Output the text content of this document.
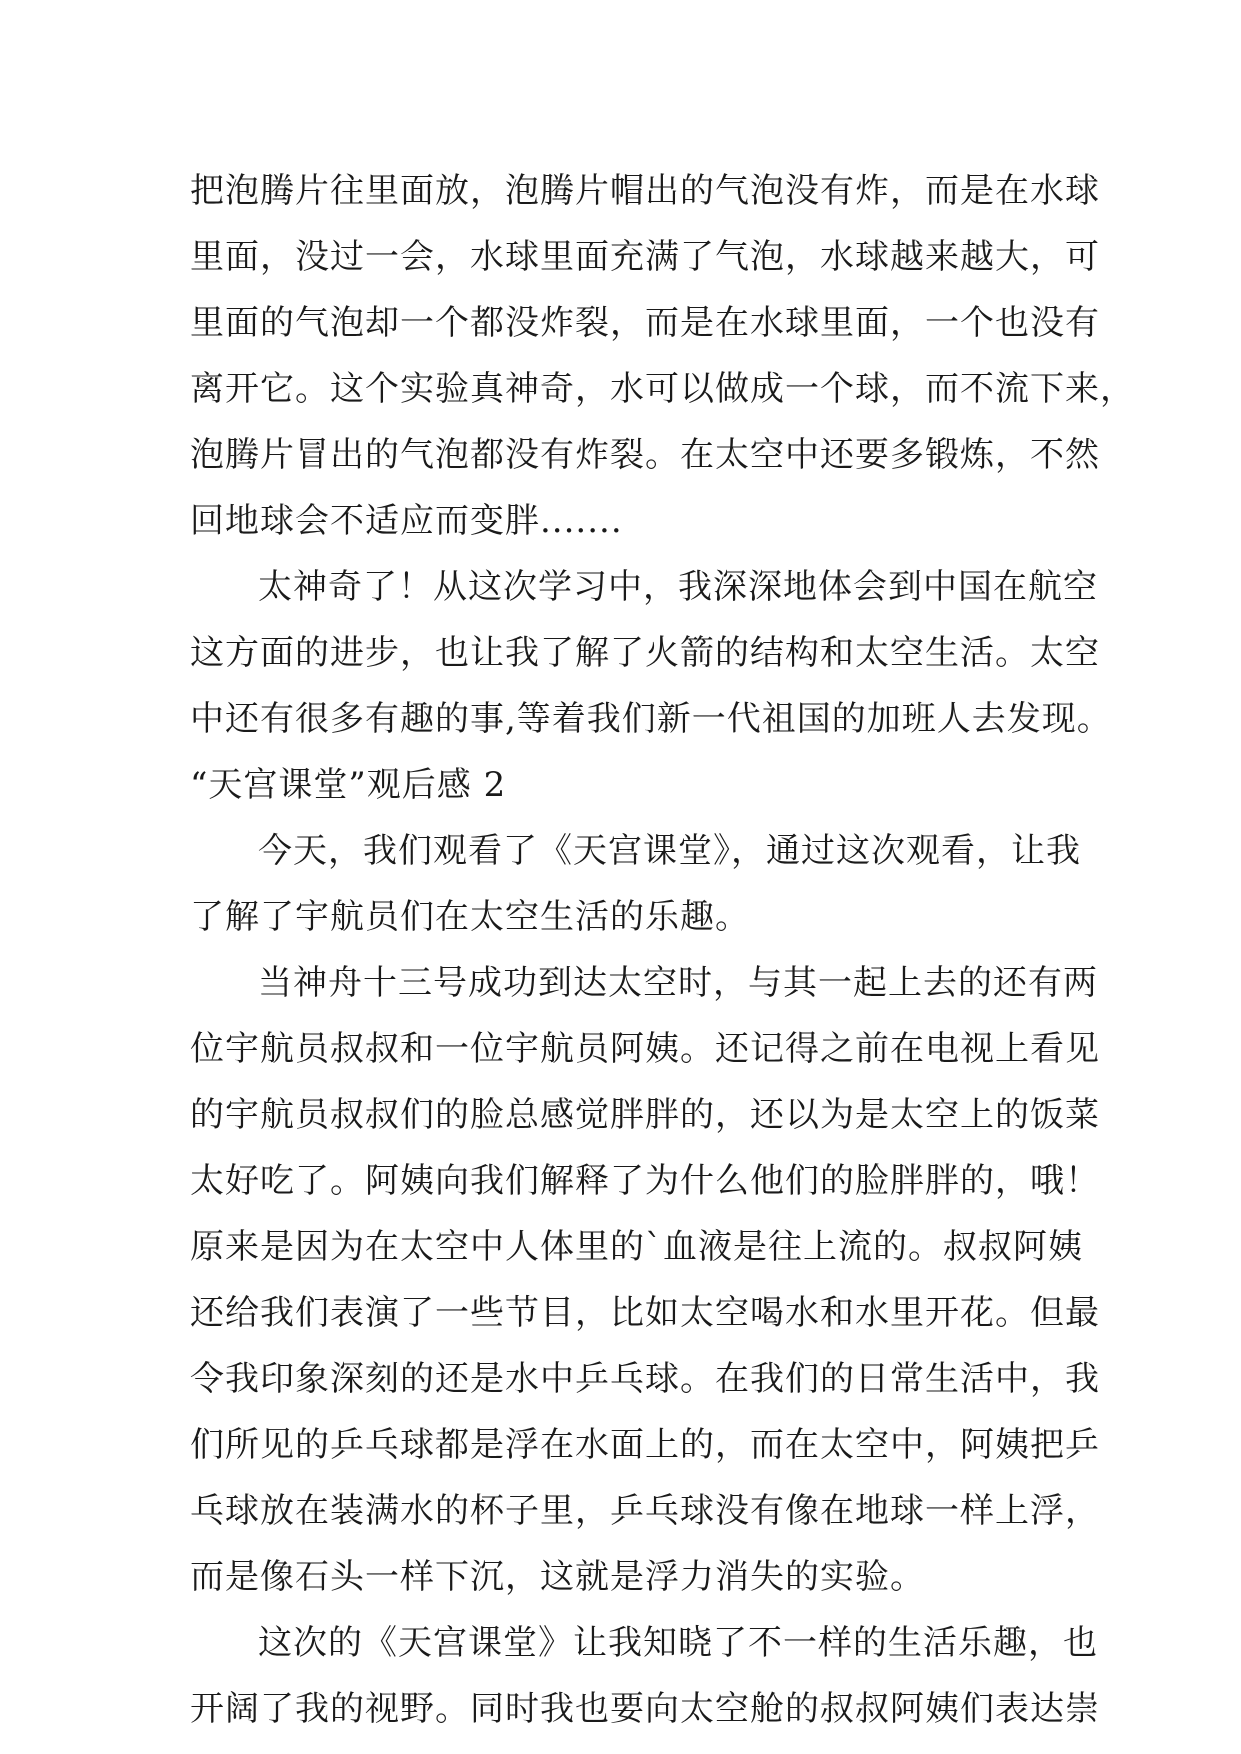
把泡腾片往里面放，泡腾片帽出的气泡没有炸，而是在水球
里面，没过一会，水球里面充满了气泡，水球越来越大，可
里面的气泡却一个都没炸裂，而是在水球里面，一个也没有
离开它。这个实验真神奇，水可以做成一个球，而不流下来，
泡腾片冒出的气泡都没有炸裂。在太空中还要多锻炼，不然
回地球会不适应而变胖.......
太神奇了！从这次学习中，我深深地体会到中国在航空
这方面的进步，也让我了解了火箭的结构和太空生活。太空
中还有很多有趣的事,等着我们新一代祖国的加班人去发现。
“天宫课堂”观后感 2
今天，我们观看了《天宫课堂》，通过这次观看，让我
了解了宇航员们在太空生活的乐趣。
当神舟十三号成功到达太空时，与其一起上去的还有两
位宇航员叔叔和一位宇航员阿姨。还记得之前在电视上看见
的宇航员叔叔们的脸总感觉胖胖的，还以为是太空上的饭菜
太好吃了。阿姨向我们解释了为什么他们的脸胖胖的，哦！
原来是因为在太空中人体里的`血液是往上流的。叔叔阿姨
还给我们表演了一些节目，比如太空喝水和水里开花。但最
令我印象深刻的还是水中乒乓球。在我们的日常生活中，我
们所见的乒乓球都是浮在水面上的，而在太空中，阿姨把乒
乓球放在装满水的杯子里，乒乓球没有像在地球一样上浮，
而是像石头一样下沉，这就是浮力消失的实验。
这次的《天宫课堂》让我知晓了不一样的生活乐趣，也
开阔了我的视野。同时我也要向太空舱的叔叔阿姨们表达崇
